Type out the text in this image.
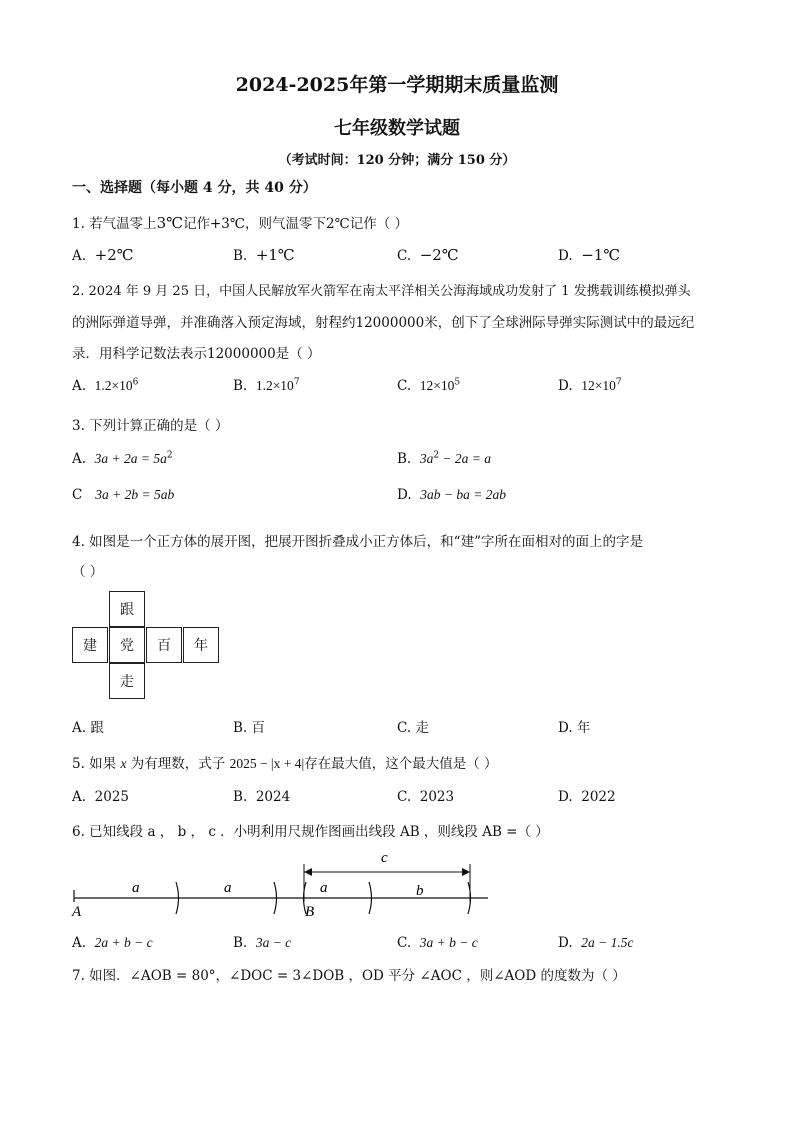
2024-2025年第一学期期末质量监测
七年级数学试题
（考试时间：120 分钟；满分 150 分）
一、选择题（每小题 4 分，共 40 分）
1. 若气温零上3℃记作+3℃，则气温零下2℃记作（ ）
A. +2℃	B. +1℃	C. −2℃	D. −1℃
2. 2024 年 9 月 25 日，中国人民解放军火箭军在南太平洋相关公海海域成功发射了 1 发携载训练模拟弹头
的洲际弹道导弹，并准确落入预定海域，射程约12000000米，创下了全球洲际导弹实际测试中的最远纪
录．用科学记数法表示12000000是（ ）
A. $1.2\times 10^6$	B. $1.2\times 10^7$	C. $12\times 10^5$	D. $12\times 10^7$
3. 下列计算正确的是（ ）
A. $3a + 2a = 5a^2$	B. $3a^2 - 2a = a$
C 3a + 2b = 5ab	D. 3ab − ba = 2ab
4. 如图是一个正方体的展开图，把展开图折叠成小正方体后，和“建”字所在面相对的面上的字是
（ ）
跟
建	党	百	年
走
A. 跟	B. 百	C. 走	D. 年
5. 如果 x 为有理数，式子 2025 − |x + 4|存在最大值，这个最大值是（ ）
A. 2025	B. 2024	C. 2023	D. 2022
6. 已知线段 a ， b ， c ．小明利用尺规作图画出线段 AB ，则线段 AB =（ ）
a	a	a	b
c
A	B
A. 2a + b − c	B. 3a − c	C. 3a + b − c	D. 2a − 1.5c
7. 如图．∠AOB = 80°，∠DOC = 3∠DOB ，OD 平分 ∠AOC ，则∠AOD 的度数为（ ）
